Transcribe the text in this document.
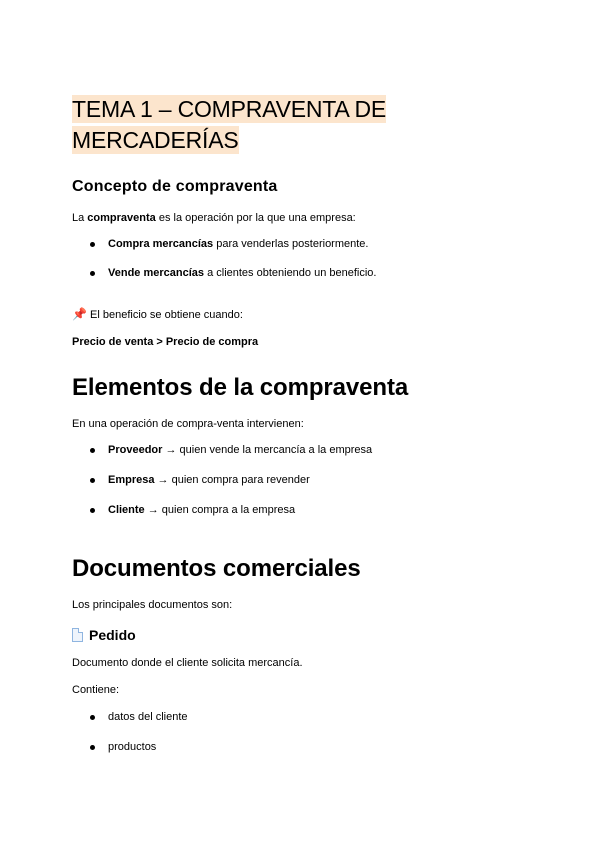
TEMA 1 – COMPRAVENTA DE MERCADERÍAS
Concepto de compraventa

La compraventa es la operación por la que una empresa:

Compra mercancías para venderlas posteriormente.
Vende mercancías a clientes obteniendo un beneficio.

📌 El beneficio se obtiene cuando:

Precio de venta > Precio de compra

Elementos de la compraventa

En una operación de compra-venta intervienen:

Proveedor → quien vende la mercancía a la empresa
Empresa → quien compra para revender
Cliente → quien compra a la empresa
Documentos comerciales

Los principales documentos son:

Pedido

Documento donde el cliente solicita mercancía.

Contiene:

datos del cliente
productos
